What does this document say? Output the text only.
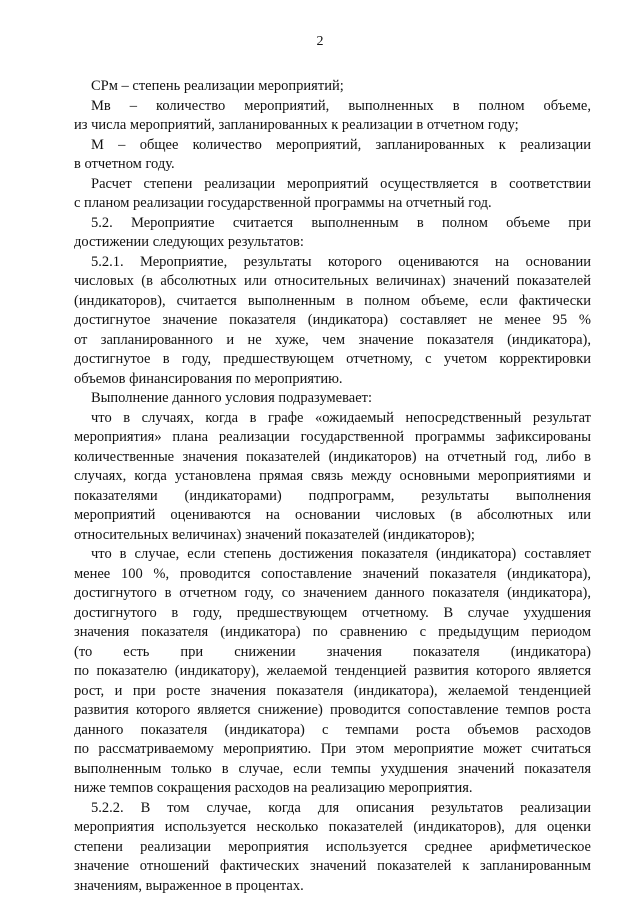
2
СРм – степень реализации мероприятий;
Мв – количество мероприятий, выполненных в полном объеме,
из числа мероприятий, запланированных к реализации в отчетном году;
М – общее количество мероприятий, запланированных к реализации
в отчетном году.
Расчет степени реализации мероприятий осуществляется в соответствии
с планом реализации государственной программы на отчетный год.
5.2. Мероприятие считается выполненным в полном объеме при
достижении следующих результатов:
5.2.1. Мероприятие, результаты которого оцениваются на основании
числовых (в абсолютных или относительных величинах) значений показателей
(индикаторов), считается выполненным в полном объеме, если фактически
достигнутое значение показателя (индикатора) составляет не менее 95 %
от запланированного и не хуже, чем значение показателя (индикатора),
достигнутое в году, предшествующем отчетному, с учетом корректировки
объемов финансирования по мероприятию.
Выполнение данного условия подразумевает:
что в случаях, когда в графе «ожидаемый непосредственный результат
мероприятия» плана реализации государственной программы зафиксированы
количественные значения показателей (индикаторов) на отчетный год, либо в
случаях, когда установлена прямая связь между основными мероприятиями и
показателями (индикаторами) подпрограмм, результаты выполнения
мероприятий оцениваются на основании числовых (в абсолютных или
относительных величинах) значений показателей (индикаторов);
что в случае, если степень достижения показателя (индикатора) составляет
менее 100 %, проводится сопоставление значений показателя (индикатора),
достигнутого в отчетном году, со значением данного показателя (индикатора),
достигнутого в году, предшествующем отчетному. В случае ухудшения
значения показателя (индикатора) по сравнению с предыдущим периодом
(то есть при снижении значения показателя (индикатора)
по показателю (индикатору), желаемой тенденцией развития которого является
рост, и при росте значения показателя (индикатора), желаемой тенденцией
развития которого является снижение) проводится сопоставление темпов роста
данного показателя (индикатора) с темпами роста объемов расходов
по рассматриваемому мероприятию. При этом мероприятие может считаться
выполненным только в случае, если темпы ухудшения значений показателя
ниже темпов сокращения расходов на реализацию мероприятия.
5.2.2. В том случае, когда для описания результатов реализации
мероприятия используется несколько показателей (индикаторов), для оценки
степени реализации мероприятия используется среднее арифметическое
значение отношений фактических значений показателей к запланированным
значениям, выраженное в процентах.
